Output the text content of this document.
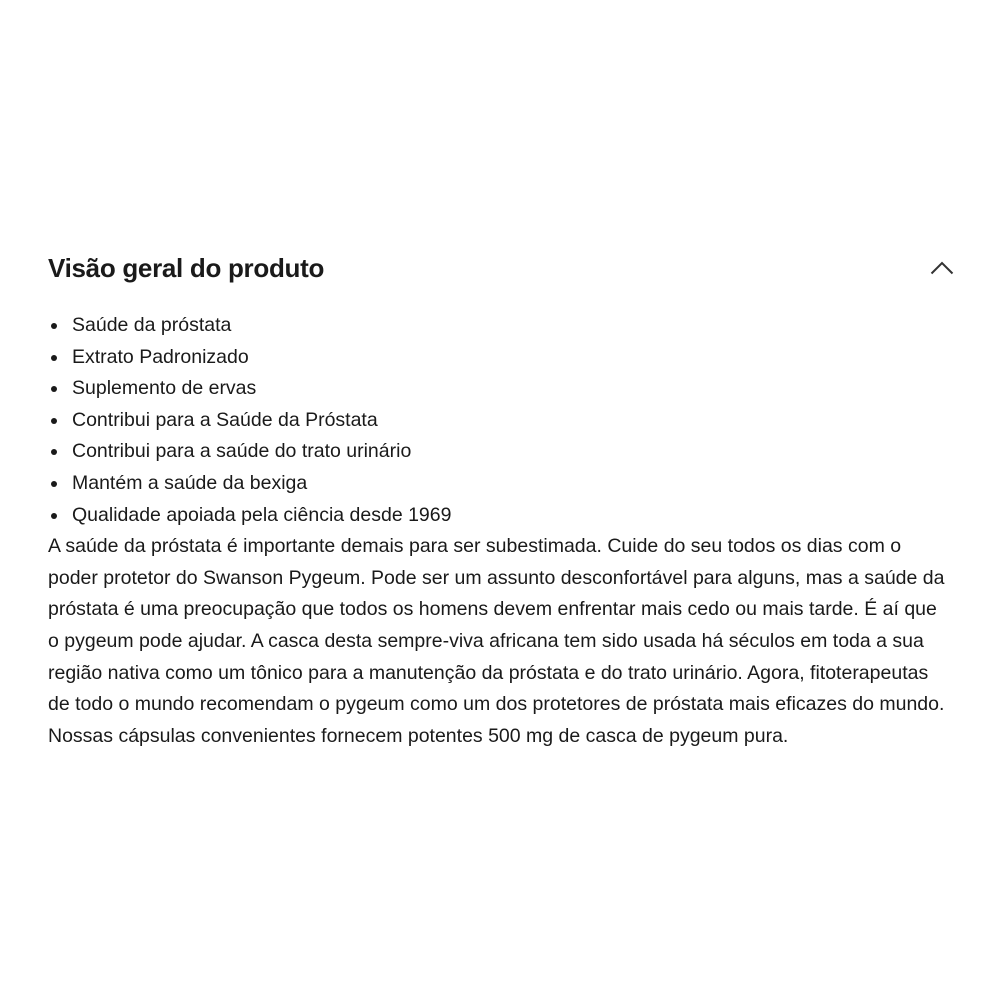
Visão geral do produto
Saúde da próstata
Extrato Padronizado
Suplemento de ervas
Contribui para a Saúde da Próstata
Contribui para a saúde do trato urinário
Mantém a saúde da bexiga
Qualidade apoiada pela ciência desde 1969

A saúde da próstata é importante demais para ser subestimada. Cuide do seu todos os dias com o poder protetor do Swanson Pygeum. Pode ser um assunto desconfortável para alguns, mas a saúde da próstata é uma preocupação que todos os homens devem enfrentar mais cedo ou mais tarde. É aí que o pygeum pode ajudar. A casca desta sempre-viva africana tem sido usada há séculos em toda a sua região nativa como um tônico para a manutenção da próstata e do trato urinário. Agora, fitoterapeutas de todo o mundo recomendam o pygeum como um dos protetores de próstata mais eficazes do mundo. Nossas cápsulas convenientes fornecem potentes 500 mg de casca de pygeum pura.
